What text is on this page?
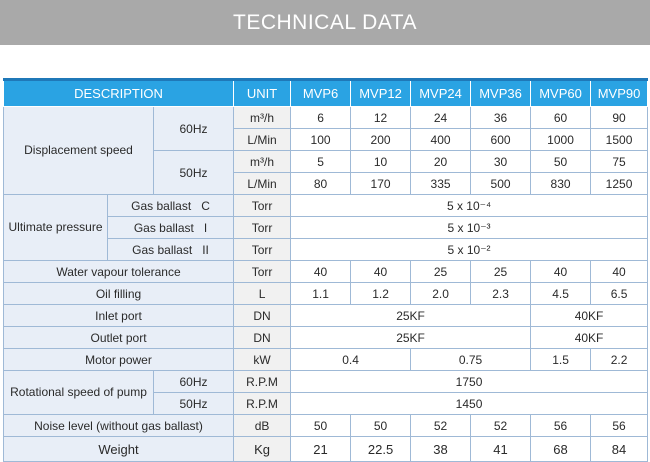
TECHNICAL DATA
DESCRIPTION			UNIT	MVP6	MVP12	MVP24	MVP36	MVP60	MVP90
Displacement speed		60Hz	m³/h	6	12	24	36	60	90
			L/Min	100	200	400	600	1000	1500
		50Hz	m³/h	5	10	20	30	50	75
			L/Min	80	170	335	500	830	1250
Ultimate pressure	Gas ballast C		Torr	5 x 10⁻⁴					
	Gas ballast I		Torr	5 x 10⁻³					
	Gas ballast II		Torr	5 x 10⁻²					
Water vapour tolerance			Torr	40	40	25	25	40	40
Oil filling			L	1.1	1.2	2.0	2.3	4.5	6.5
Inlet port			DN	25KF				40KF	
Outlet port			DN	25KF				40KF	
Motor power			kW	0.4		0.75		1.5	2.2
Rotational speed of pump		60Hz	R.P.M	1750					
		50Hz	R.P.M	1450					
Noise level (without gas ballast)			dB	50	50	52	52	56	56
Weight			Kg	21	22.5	38	41	68	84
